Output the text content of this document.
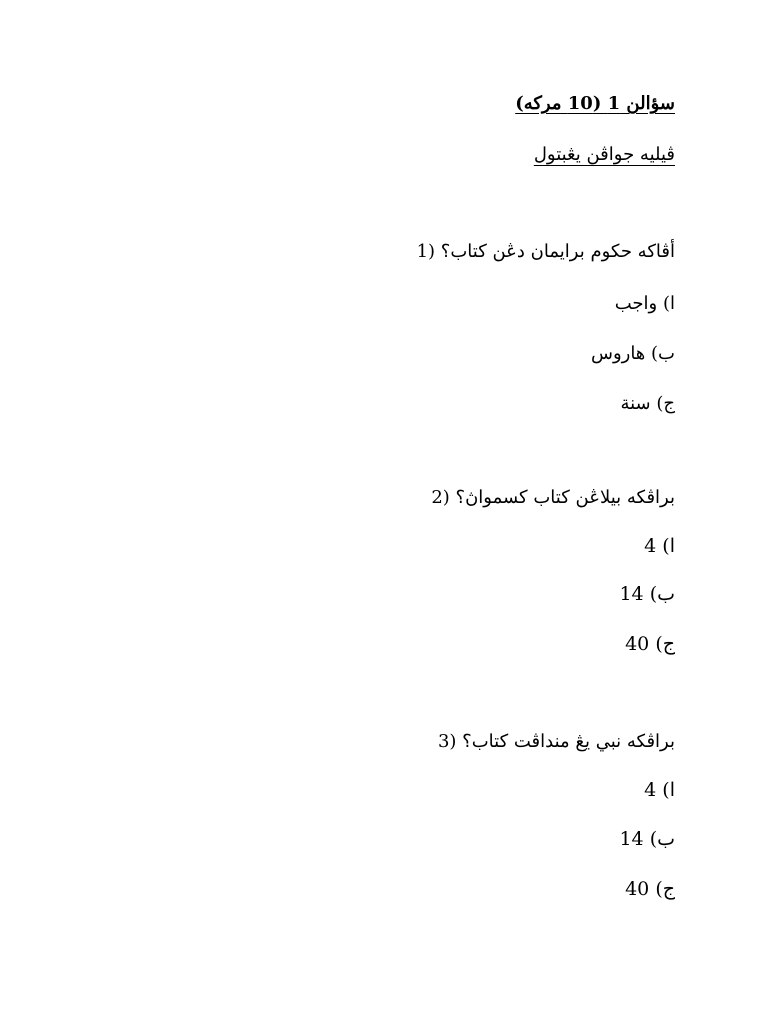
سؤالن 1 (10 مركه)
ڤيليه جواڤن يڠبتول
أڤاكه حكوم برايمان دڠن كتاب؟ (1
ا) واجب
ب) هاروس
ج) سنة
براڤكه بيلاڠن كتاب كسمواڽ؟ (2
ا) 4
ب) 14
ج) 40
براڤكه نبي يڠ منداڤت كتاب؟ (3
ا) 4
ب) 14
ج) 40
